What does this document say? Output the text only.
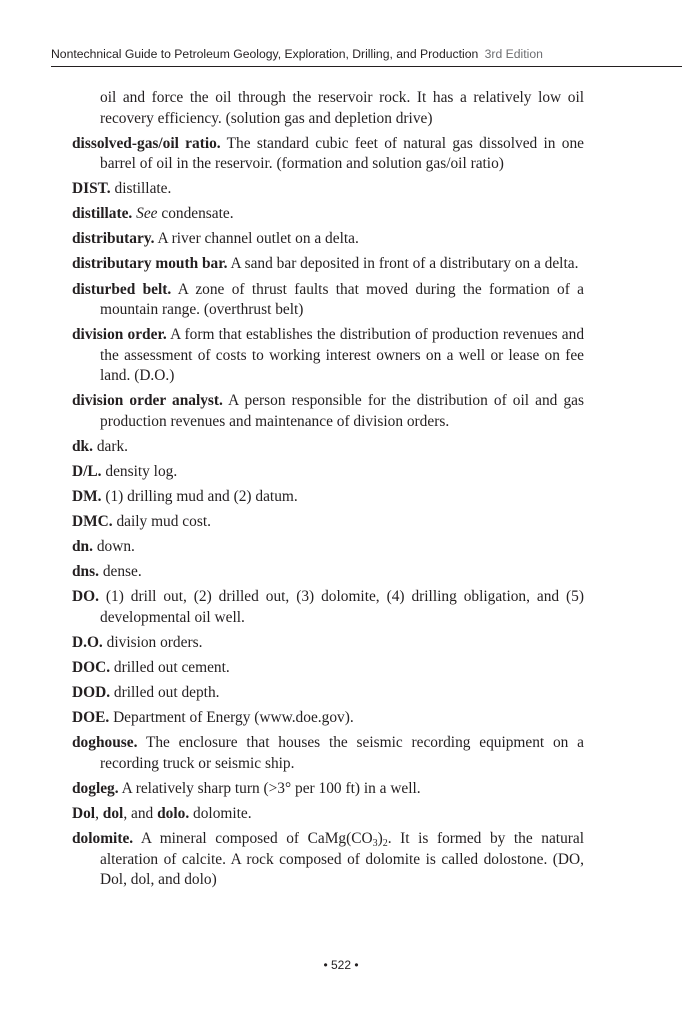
Nontechnical Guide to Petroleum Geology, Exploration, Drilling, and Production 3rd Edition

oil and force the oil through the reservoir rock. It has a relatively low oil recovery efficiency. (solution gas and depletion drive)

dissolved-gas/oil ratio. The standard cubic feet of natural gas dissolved in one barrel of oil in the reservoir. (formation and solution gas/oil ratio)

DIST. distillate.

distillate. See condensate.

distributary. A river channel outlet on a delta.

distributary mouth bar. A sand bar deposited in front of a distributary on a delta.

disturbed belt. A zone of thrust faults that moved during the formation of a mountain range. (overthrust belt)

division order. A form that establishes the distribution of production revenues and the assessment of costs to working interest owners on a well or lease on fee land. (D.O.)

division order analyst. A person responsible for the distribution of oil and gas production revenues and maintenance of division orders.

dk. dark.

D/L. density log.

DM. (1) drilling mud and (2) datum.

DMC. daily mud cost.

dn. down.

dns. dense.

DO. (1) drill out, (2) drilled out, (3) dolomite, (4) drilling obligation, and (5) developmental oil well.

D.O. division orders.

DOC. drilled out cement.

DOD. drilled out depth.

DOE. Department of Energy (www.doe.gov).

doghouse. The enclosure that houses the seismic recording equipment on a recording truck or seismic ship.

dogleg. A relatively sharp turn (>3° per 100 ft) in a well.

Dol, dol, and dolo. dolomite.

dolomite. A mineral composed of $CaMg(CO_3)_2$. It is formed by the natural alteration of calcite. A rock composed of dolomite is called dolostone. (DO, Dol, dol, and dolo)

• 522 •
